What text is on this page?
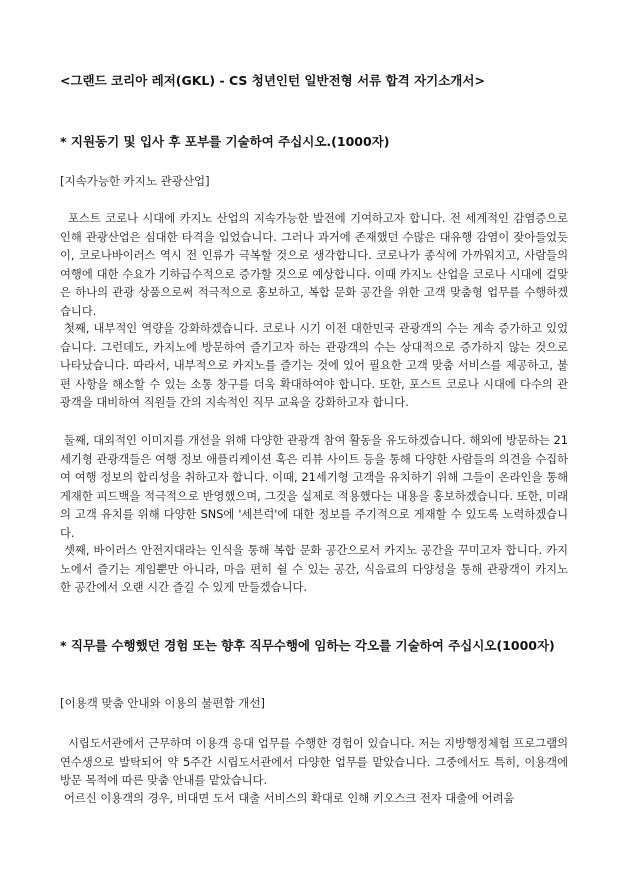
<그랜드 코리아 레저(GKL) - CS 청년인턴 일반전형 서류 합격 자기소개서>
* 지원동기 및 입사 후 포부를 기술하여 주십시오.(1000자)
[지속가능한 카지노 관광산업]
포스트 코로나 시대에 카지노 산업의 지속가능한 발전에 기여하고자 합니다. 전 세계적인 감염증으로 인해 관광산업은 심대한 타격을 입었습니다. 그러나 과거에 존재했던 수많은 대유행 감염이 잦아들었듯이, 코로나바이러스 역시 전 인류가 극복할 것으로 생각합니다. 코로나가 종식에 가까워지고, 사람들의 여행에 대한 수요가 기하급수적으로 증가할 것으로 예상합니다. 이때 카지노 산업을 코로나 시대에 걸맞은 하나의 관광 상품으로써 적극적으로 홍보하고, 복합 문화 공간을 위한 고객 맞춤형 업무를 수행하겠습니다.
첫째, 내부적인 역량을 강화하겠습니다. 코로나 시기 이전 대한민국 관광객의 수는 계속 증가하고 있었습니다. 그런데도, 카지노에 방문하여 즐기고자 하는 관광객의 수는 상대적으로 증가하지 않는 것으로 나타났습니다. 따라서, 내부적으로 카지노를 즐기는 것에 있어 필요한 고객 맞춤 서비스를 제공하고, 불편 사항을 해소할 수 있는 소통 창구를 더욱 확대하여야 합니다. 또한, 포스트 코로나 시대에 다수의 관광객을 대비하여 직원들 간의 지속적인 직무 교육을 강화하고자 합니다.
둘째, 대외적인 이미지를 개선을 위해 다양한 관광객 참여 활동을 유도하겠습니다. 해외에 방문하는 21세기형 관광객들은 여행 정보 애플리케이션 혹은 리뷰 사이트 등을 통해 다양한 사람들의 의견을 수집하여 여행 정보의 합리성을 취하고자 합니다. 이때, 21세기형 고객을 유치하기 위해 그들이 온라인을 통해 게재한 피드백을 적극적으로 반영했으며, 그것을 실제로 적용했다는 내용을 홍보하겠습니다. 또한, 미래의 고객 유치를 위해 다양한 SNS에 '세븐럭'에 대한 정보를 주기적으로 게재할 수 있도록 노력하겠습니다.
셋째, 바이러스 안전지대라는 인식을 통해 복합 문화 공간으로서 카지노 공간을 꾸미고자 합니다. 카지노에서 즐기는 게임뿐만 아니라, 마음 편히 쉴 수 있는 공간, 식음료의 다양성을 통해 관광객이 카지노 한 공간에서 오랜 시간 즐길 수 있게 만들겠습니다.
* 직무를 수행했던 경험 또는 향후 직무수행에 임하는 각오를 기술하여 주십시오(1000자)
[이용객 맞춤 안내와 이용의 불편함 개선]
시립도서관에서 근무하며 이용객 응대 업무를 수행한 경험이 있습니다. 저는 지방행정체험 프로그램의 연수생으로 발탁되어 약 5주간 시립도서관에서 다양한 업무를 맡았습니다. 그중에서도 특히, 이용객에 방문 목적에 따른 맞춤 안내를 맡았습니다.
어르신 이용객의 경우, 비대면 도서 대출 서비스의 확대로 인해 키오스크 전자 대출에 어려움
